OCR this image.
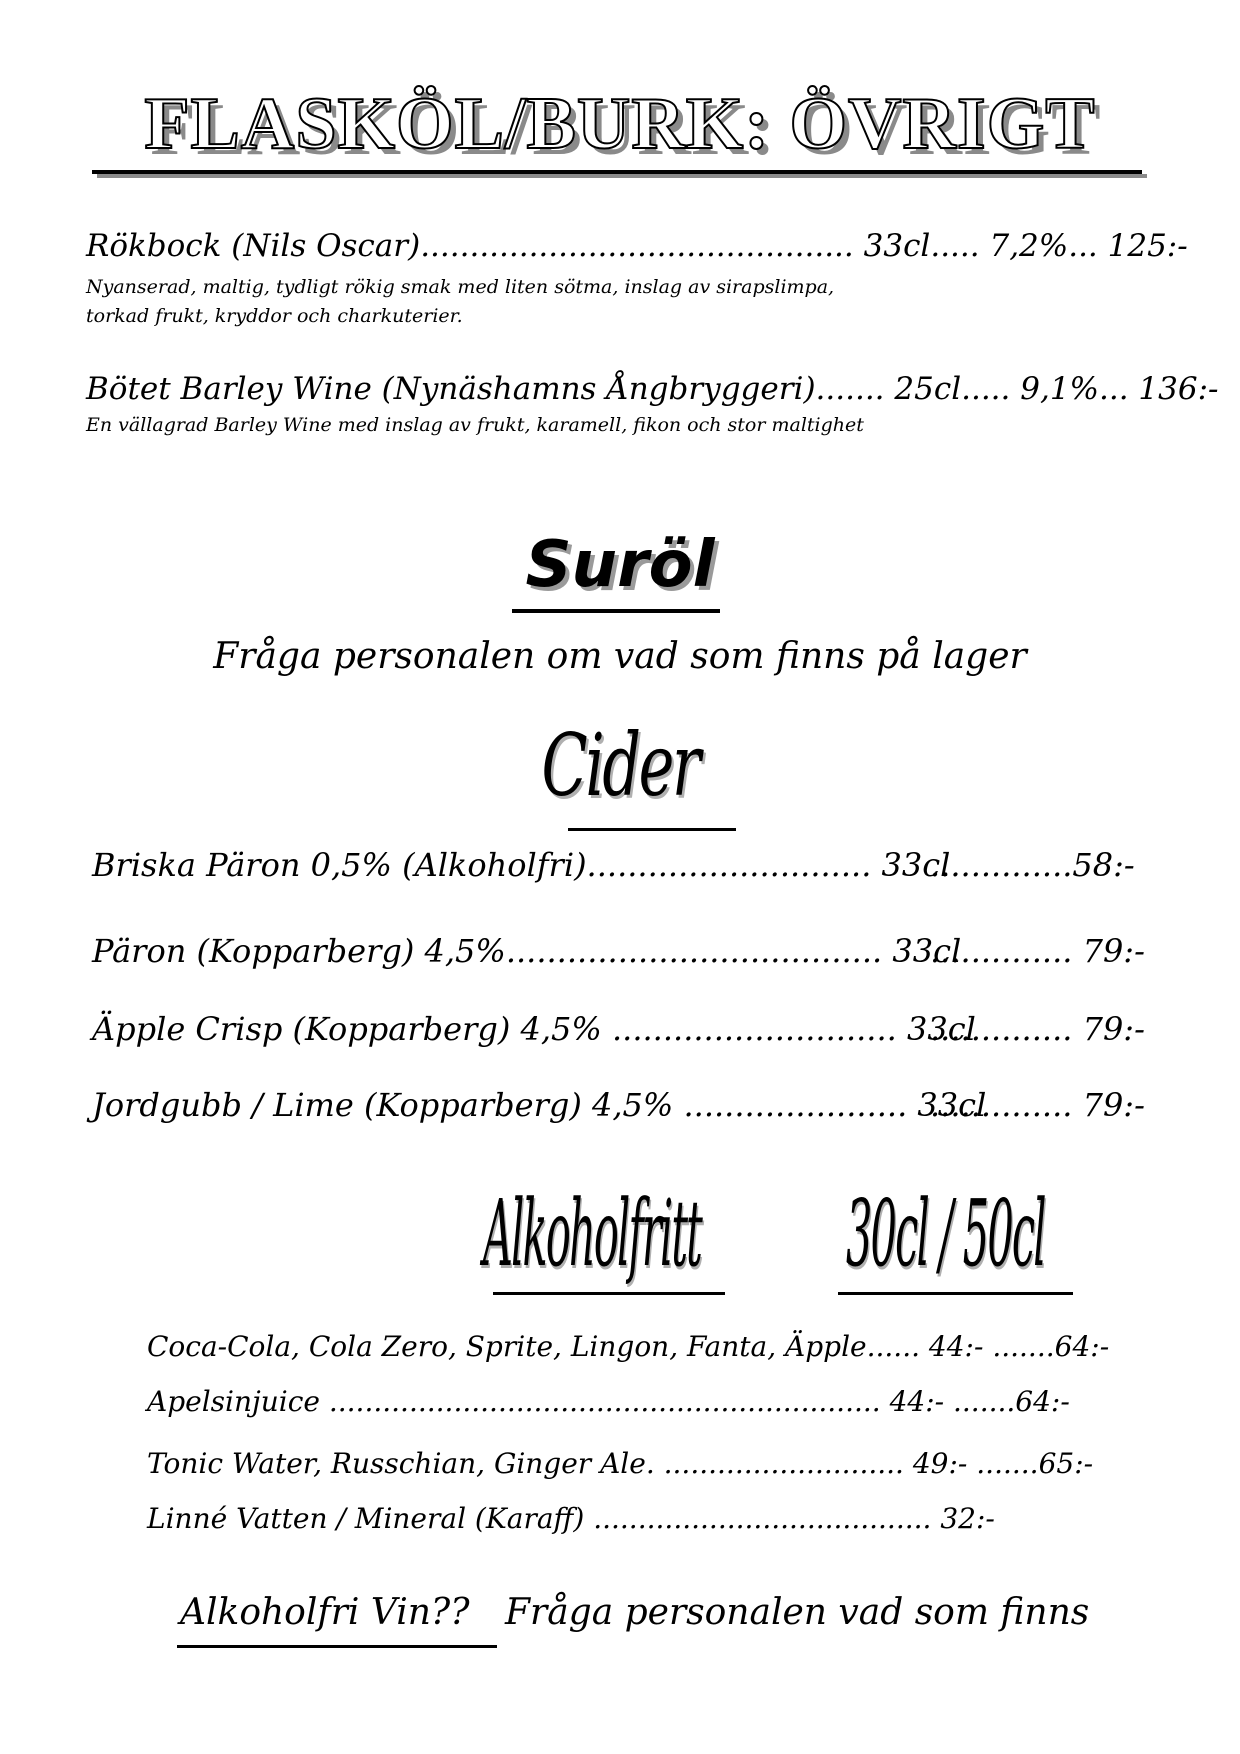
FLASKÖL/BURK: ÖVRIGT
Rökbock (Nils Oscar)............................................ 33cl..... 7,2%... 125:-
Nyanserad, maltig, tydligt rökig smak med liten sötma, inslag av sirapslimpa,
torkad frukt, kryddor och charkuterier.
Bötet Barley Wine (Nynäshamns Ångbryggeri)....... 25cl..... 9,1%... 136:-
En vällagrad Barley Wine med inslag av frukt, karamell, fikon och stor maltighet
Suröl
Fråga personalen om vad som finns på lager
Cider
Briska Päron 0,5% (Alkoholfri)............................ 33cl
..............58:-
Päron (Kopparberg) 4,5%..................................... 33cl
.............. 79:-
Äpple Crisp (Kopparberg) 4,5% ............................ 33cl
.............. 79:-
Jordgubb / Lime (Kopparberg) 4,5% ...................... 33cl
.............. 79:-
Alkoholfritt 30cl / 50cl
Coca-Cola, Cola Zero, Sprite, Lingon, Fanta, Äpple...... 44:- .......64:-
Apelsinjuice .............................................................. 44:- .......64:-
Tonic Water, Russchian, Ginger Ale. ........................... 49:- .......65:-
Linné Vatten / Mineral (Karaff) ...................................... 32:-
Alkoholfri Vin?? Fråga personalen vad som finns
